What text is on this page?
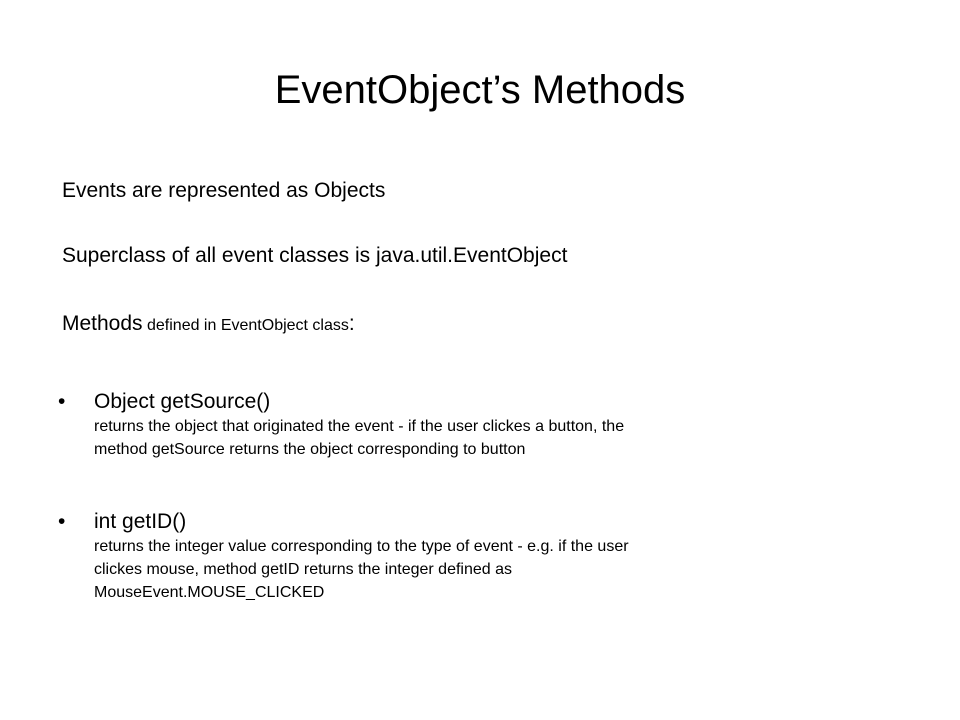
EventObject’s Methods
Events are represented as Objects
Superclass of all event classes is java.util.EventObject
Methods defined in EventObject class:
• Object getSource()
returns the object that originated the event - if the user clickes a button, the
method getSource returns the object corresponding to button
• int getID()
returns the integer value corresponding to the type of event - e.g. if the user
clickes mouse, method getID returns the integer defined as
MouseEvent.MOUSE_CLICKED
